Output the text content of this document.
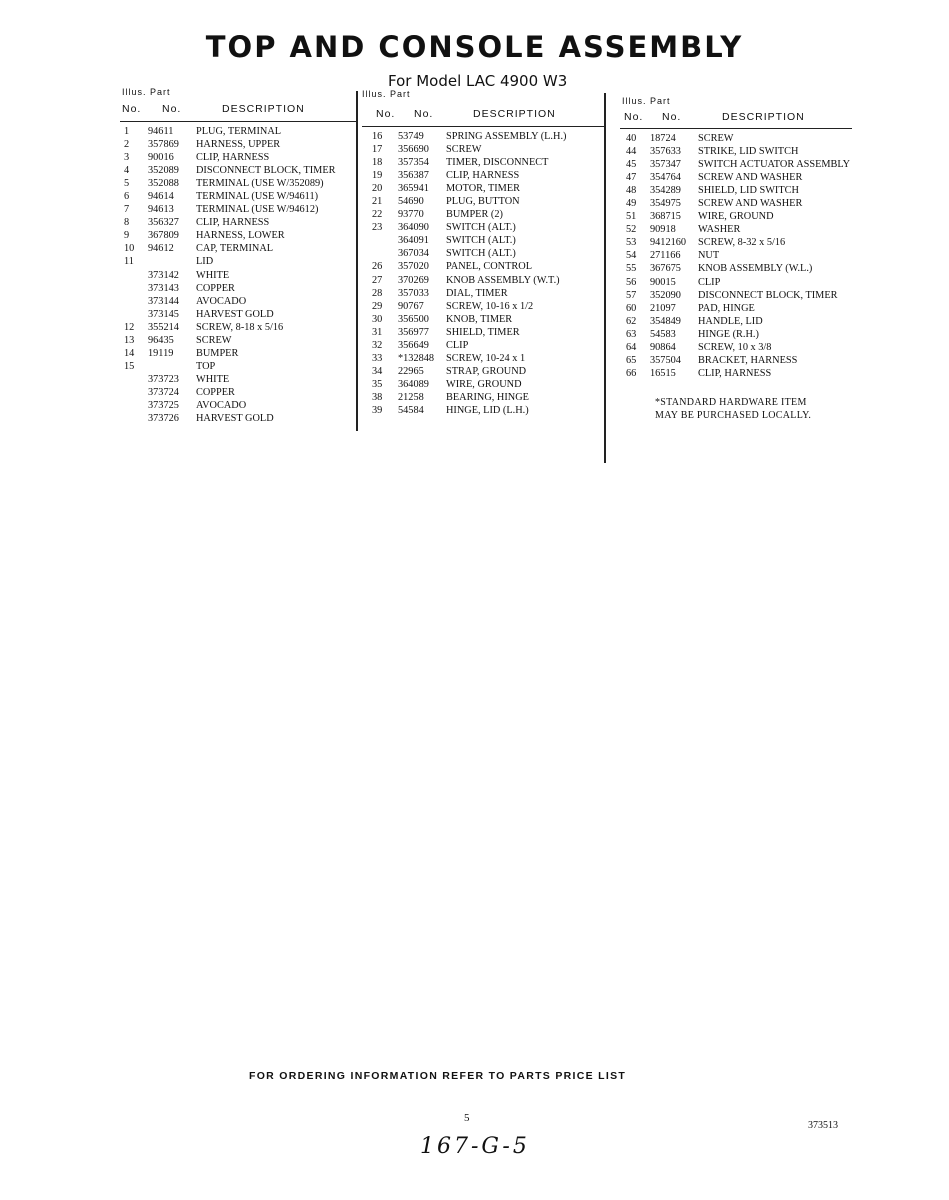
TOP AND CONSOLE ASSEMBLY
For Model LAC 4900 W3
Illus. Part
No. No.	DESCRIPTION
1 94611 PLUG, TERMINAL
2 357869 HARNESS, UPPER
3 90016 CLIP, HARNESS
4 352089 DISCONNECT BLOCK, TIMER
5 352088 TERMINAL (USE W/352089)
6 94614 TERMINAL (USE W/94611)
7 94613 TERMINAL (USE W/94612)
8 356327 CLIP, HARNESS
9 367809 HARNESS, LOWER
10 94612 CAP, TERMINAL
11	LID
373142 WHITE
373143 COPPER
373144 AVOCADO
373145 HARVEST GOLD
12 355214 SCREW, 8-18 x 5/16
13 96435 SCREW
14 19119 BUMPER
15	TOP
373723 WHITE
373724 COPPER
373725 AVOCADO
373726 HARVEST GOLD
Illus. Part
No. No.	DESCRIPTION
16 53749 SPRING ASSEMBLY (L.H.)
17 356690 SCREW
18 357354 TIMER, DISCONNECT
19 356387 CLIP, HARNESS
20 365941 MOTOR, TIMER
21 54690 PLUG, BUTTON
22 93770 BUMPER (2)
23 364090 SWITCH (ALT.)
364091 SWITCH (ALT.)
367034 SWITCH (ALT.)
26 357020 PANEL, CONTROL
27 370269 KNOB ASSEMBLY (W.T.)
28 357033 DIAL, TIMER
29 90767 SCREW, 10-16 x 1/2
30 356500 KNOB, TIMER
31 356977 SHIELD, TIMER
32 356649 CLIP
33 *132848 SCREW, 10-24 x 1
34 22965 STRAP, GROUND
35 364089 WIRE, GROUND
38 21258 BEARING, HINGE
39 54584 HINGE, LID (L.H.)
Illus. Part
No. No.	DESCRIPTION
40 18724 SCREW
44 357633 STRIKE, LID SWITCH
45 357347 SWITCH ACTUATOR ASSEMBLY
47 354764 SCREW AND WASHER
48 354289 SHIELD, LID SWITCH
49 354975 SCREW AND WASHER
51 368715 WIRE, GROUND
52 90918 WASHER
53 9412160 SCREW, 8-32 x 5/16
54 271166 NUT
55 367675 KNOB ASSEMBLY (W.L.)
56 90015 CLIP
57 352090 DISCONNECT BLOCK, TIMER
60 21097 PAD, HINGE
62 354849 HANDLE, LID
63 54583 HINGE (R.H.)
64 90864 SCREW, 10 x 3/8
65 357504 BRACKET, HARNESS
66 16515 CLIP, HARNESS
*STANDARD HARDWARE ITEM
MAY BE PURCHASED LOCALLY.
FOR ORDERING INFORMATION REFER TO PARTS PRICE LIST
5
373513
167-G-5
